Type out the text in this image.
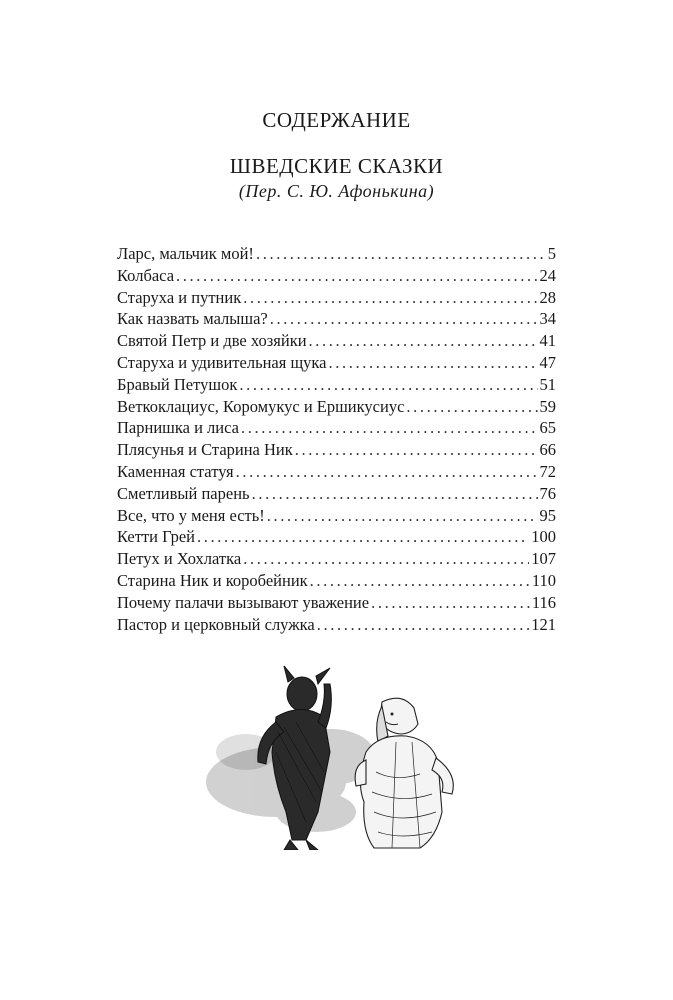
СОДЕРЖАНИЕ
ШВЕДСКИЕ СКАЗКИ
(Пер. С. Ю. Афонькина)
Ларс, мальчик мой! . . .	5
Колбаса . . .	24
Старуха и путник . . .	28
Как назвать малыша? . . .	34
Святой Петр и две хозяйки . . .	41
Старуха и удивительная щука . . .	47
Бравый Петушок . . .	51
Веткоклациус, Коромукус и Ершикусиус . . .	59
Парнишка и лиса . . .	65
Плясунья и Старина Ник . . .	66
Каменная статуя . . .	72
Сметливый парень . . .	76
Все, что у меня есть! . . .	95
Кетти Грей . . .	100
Петух и Хохлатка . . .	107
Старина Ник и коробейник . . .	110
Почему палачи вызывают уважение . . .	116
Пастор и церковный служка . . .	121
